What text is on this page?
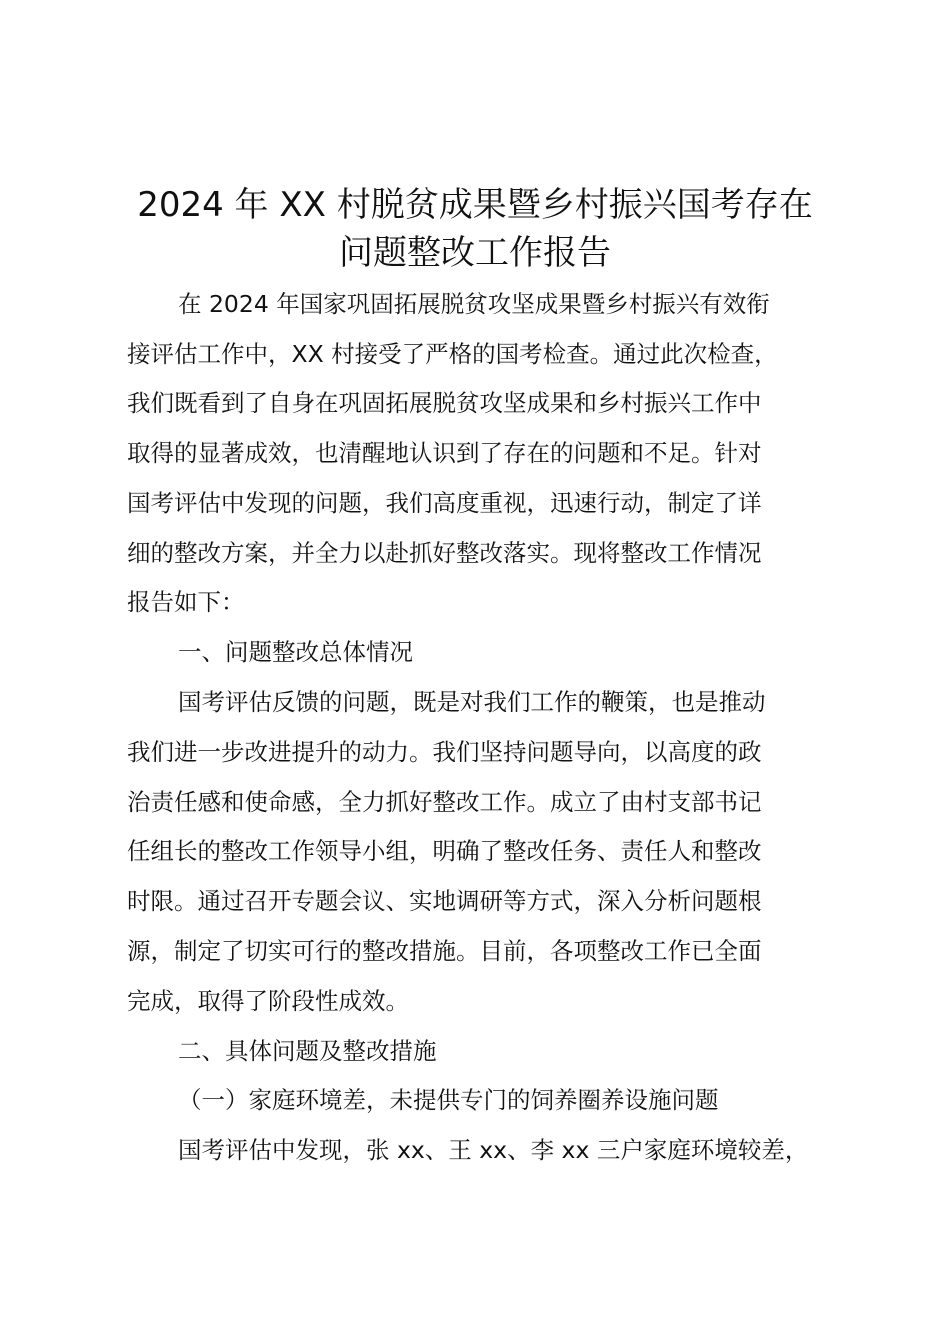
2024 年 XX 村脱贫成果暨乡村振兴国考存在
问题整改工作报告
在 2024 年国家巩固拓展脱贫攻坚成果暨乡村振兴有效衔
接评估工作中，XX 村接受了严格的国考检查。通过此次检查，
我们既看到了自身在巩固拓展脱贫攻坚成果和乡村振兴工作中
取得的显著成效，也清醒地认识到了存在的问题和不足。针对
国考评估中发现的问题，我们高度重视，迅速行动，制定了详
细的整改方案，并全力以赴抓好整改落实。现将整改工作情况
报告如下：
一、问题整改总体情况
国考评估反馈的问题，既是对我们工作的鞭策，也是推动
我们进一步改进提升的动力。我们坚持问题导向，以高度的政
治责任感和使命感，全力抓好整改工作。成立了由村支部书记
任组长的整改工作领导小组，明确了整改任务、责任人和整改
时限。通过召开专题会议、实地调研等方式，深入分析问题根
源，制定了切实可行的整改措施。目前，各项整改工作已全面
完成，取得了阶段性成效。
二、具体问题及整改措施
（一）家庭环境差，未提供专门的饲养圈养设施问题
国考评估中发现，张 xx、王 xx、李 xx 三户家庭环境较差，
